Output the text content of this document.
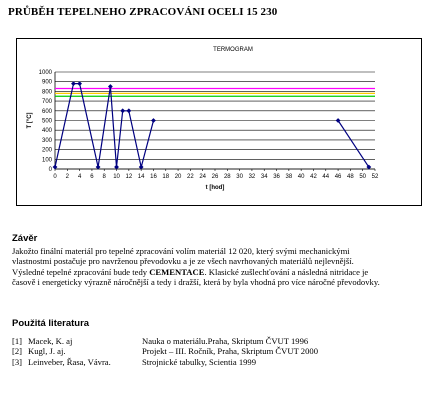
PRŮBĚH TEPELNEHO ZPRACOVÁNI OCELI 15 230
TERMOGRAM
0
100
200
300
400
500
600
700
800
900
1000
0 2 4 6 8 10 12 14 16 18 20 22 24 26 28 30 32 34 36 38 40 42 44 46 48 50 52
t [hod]
T [°C]
Závěr
Jakožto finální materiál pro tepelné zpracování volím materiál 12 020, který svými mechanickými
vlastnostmi postačuje pro navrženou převodovku a je ze všech navrhovaných materiálů nejlevnější.
Výsledné tepelné zpracování bude tedy CEMENTACE. Klasické zušlechťování a následná nitridace je
časově i energeticky výrazně náročnější a tedy i dražší, která by byla vhodná pro více náročné převodovky.
Použitá literatura
[1] Macek, K. aj	Nauka o materiálu.Praha, Skriptum ČVUT 1996
[2] Kugl, J. aj.	Projekt – III. Ročník, Praha, Skriptum ČVUT 2000
[3] Leinveber, Řasa, Vávra.	Strojnické tabulky, Scientia 1999
